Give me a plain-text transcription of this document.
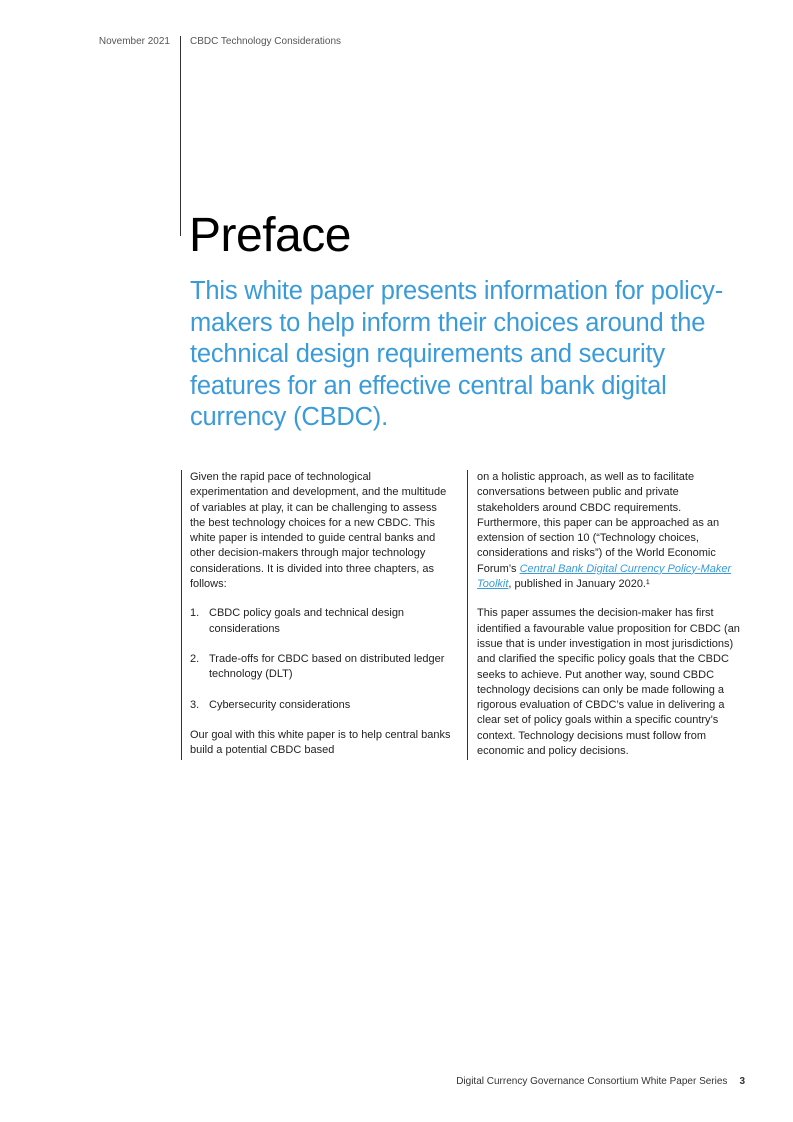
November 2021 CBDC Technology Considerations
Preface

This white paper presents information for policy-makers to help inform their choices around the technical design requirements and security features for an effective central bank digital currency (CBDC).

Given the rapid pace of technological experimentation and development, and the multitude of variables at play, it can be challenging to assess the best technology choices for a new CBDC. This white paper is intended to guide central banks and other decision-makers through major technology considerations. It is divided into three chapters, as follows:

1. CBDC policy goals and technical design considerations
2. Trade-offs for CBDC based on distributed ledger technology (DLT)
3. Cybersecurity considerations

Our goal with this white paper is to help central banks build a potential CBDC based

on a holistic approach, as well as to facilitate conversations between public and private stakeholders around CBDC requirements. Furthermore, this paper can be approached as an extension of section 10 (“Technology choices, considerations and risks”) of the World Economic Forum’s Central Bank Digital Currency Policy-Maker Toolkit, published in January 2020.¹

This paper assumes the decision-maker has first identified a favourable value proposition for CBDC (an issue that is under investigation in most jurisdictions) and clarified the specific policy goals that the CBDC seeks to achieve. Put another way, sound CBDC technology decisions can only be made following a rigorous evaluation of CBDC’s value in delivering a clear set of policy goals within a specific country’s context. Technology decisions must follow from economic and policy decisions.

Digital Currency Governance Consortium White Paper Series 3
